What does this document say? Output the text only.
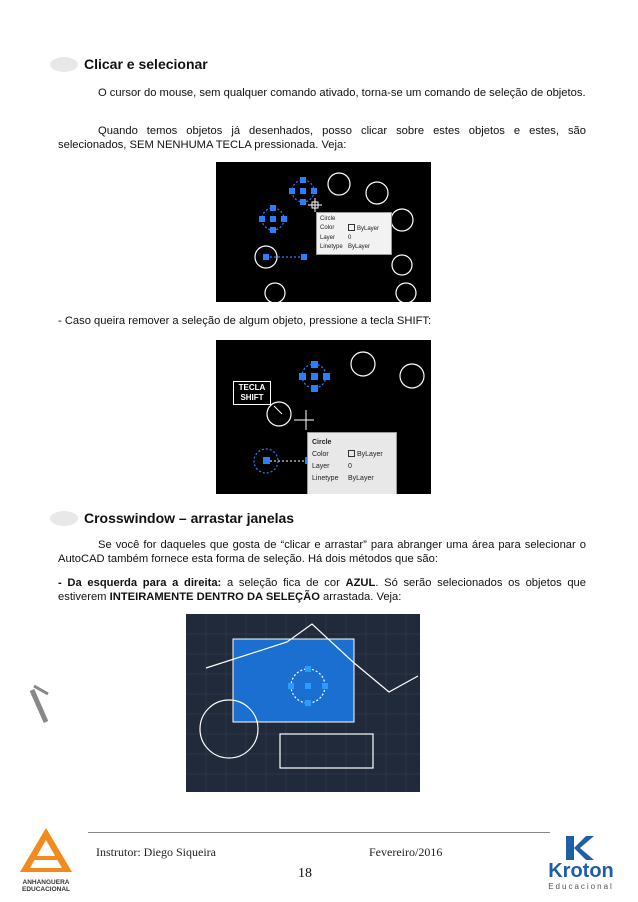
Clicar e selecionar
O cursor do mouse, sem qualquer comando ativado, torna-se um comando de seleção de objetos.
Quando temos objetos já desenhados, posso clicar sobre estes objetos e estes, são selecionados, SEM NENHUMA TECLA pressionada. Veja:
Circle
Color	ByLayer
Layer	0
Linetype ByLayer
- Caso queira remover a seleção de algum objeto, pressione a tecla SHIFT:
TECLA
SHIFT
Circle
Color	ByLayer
Layer	0
Linetype	ByLayer
Crosswindow – arrastar janelas
Se você for daqueles que gosta de “clicar e arrastar” para abranger uma área para selecionar o AutoCAD também fornece esta forma de seleção. Há dois métodos que são:
- Da esquerda para a direita: a seleção fica de cor AZUL. Só serão selecionados os objetos que estiverem INTEIRAMENTE DENTRO DA SELEÇÃO arrastada. Veja:
Instrutor: Diego Siqueira	Fevereiro/2016
18
ANHANGUERA
EDUCACIONAL
Kroton
Educacional
